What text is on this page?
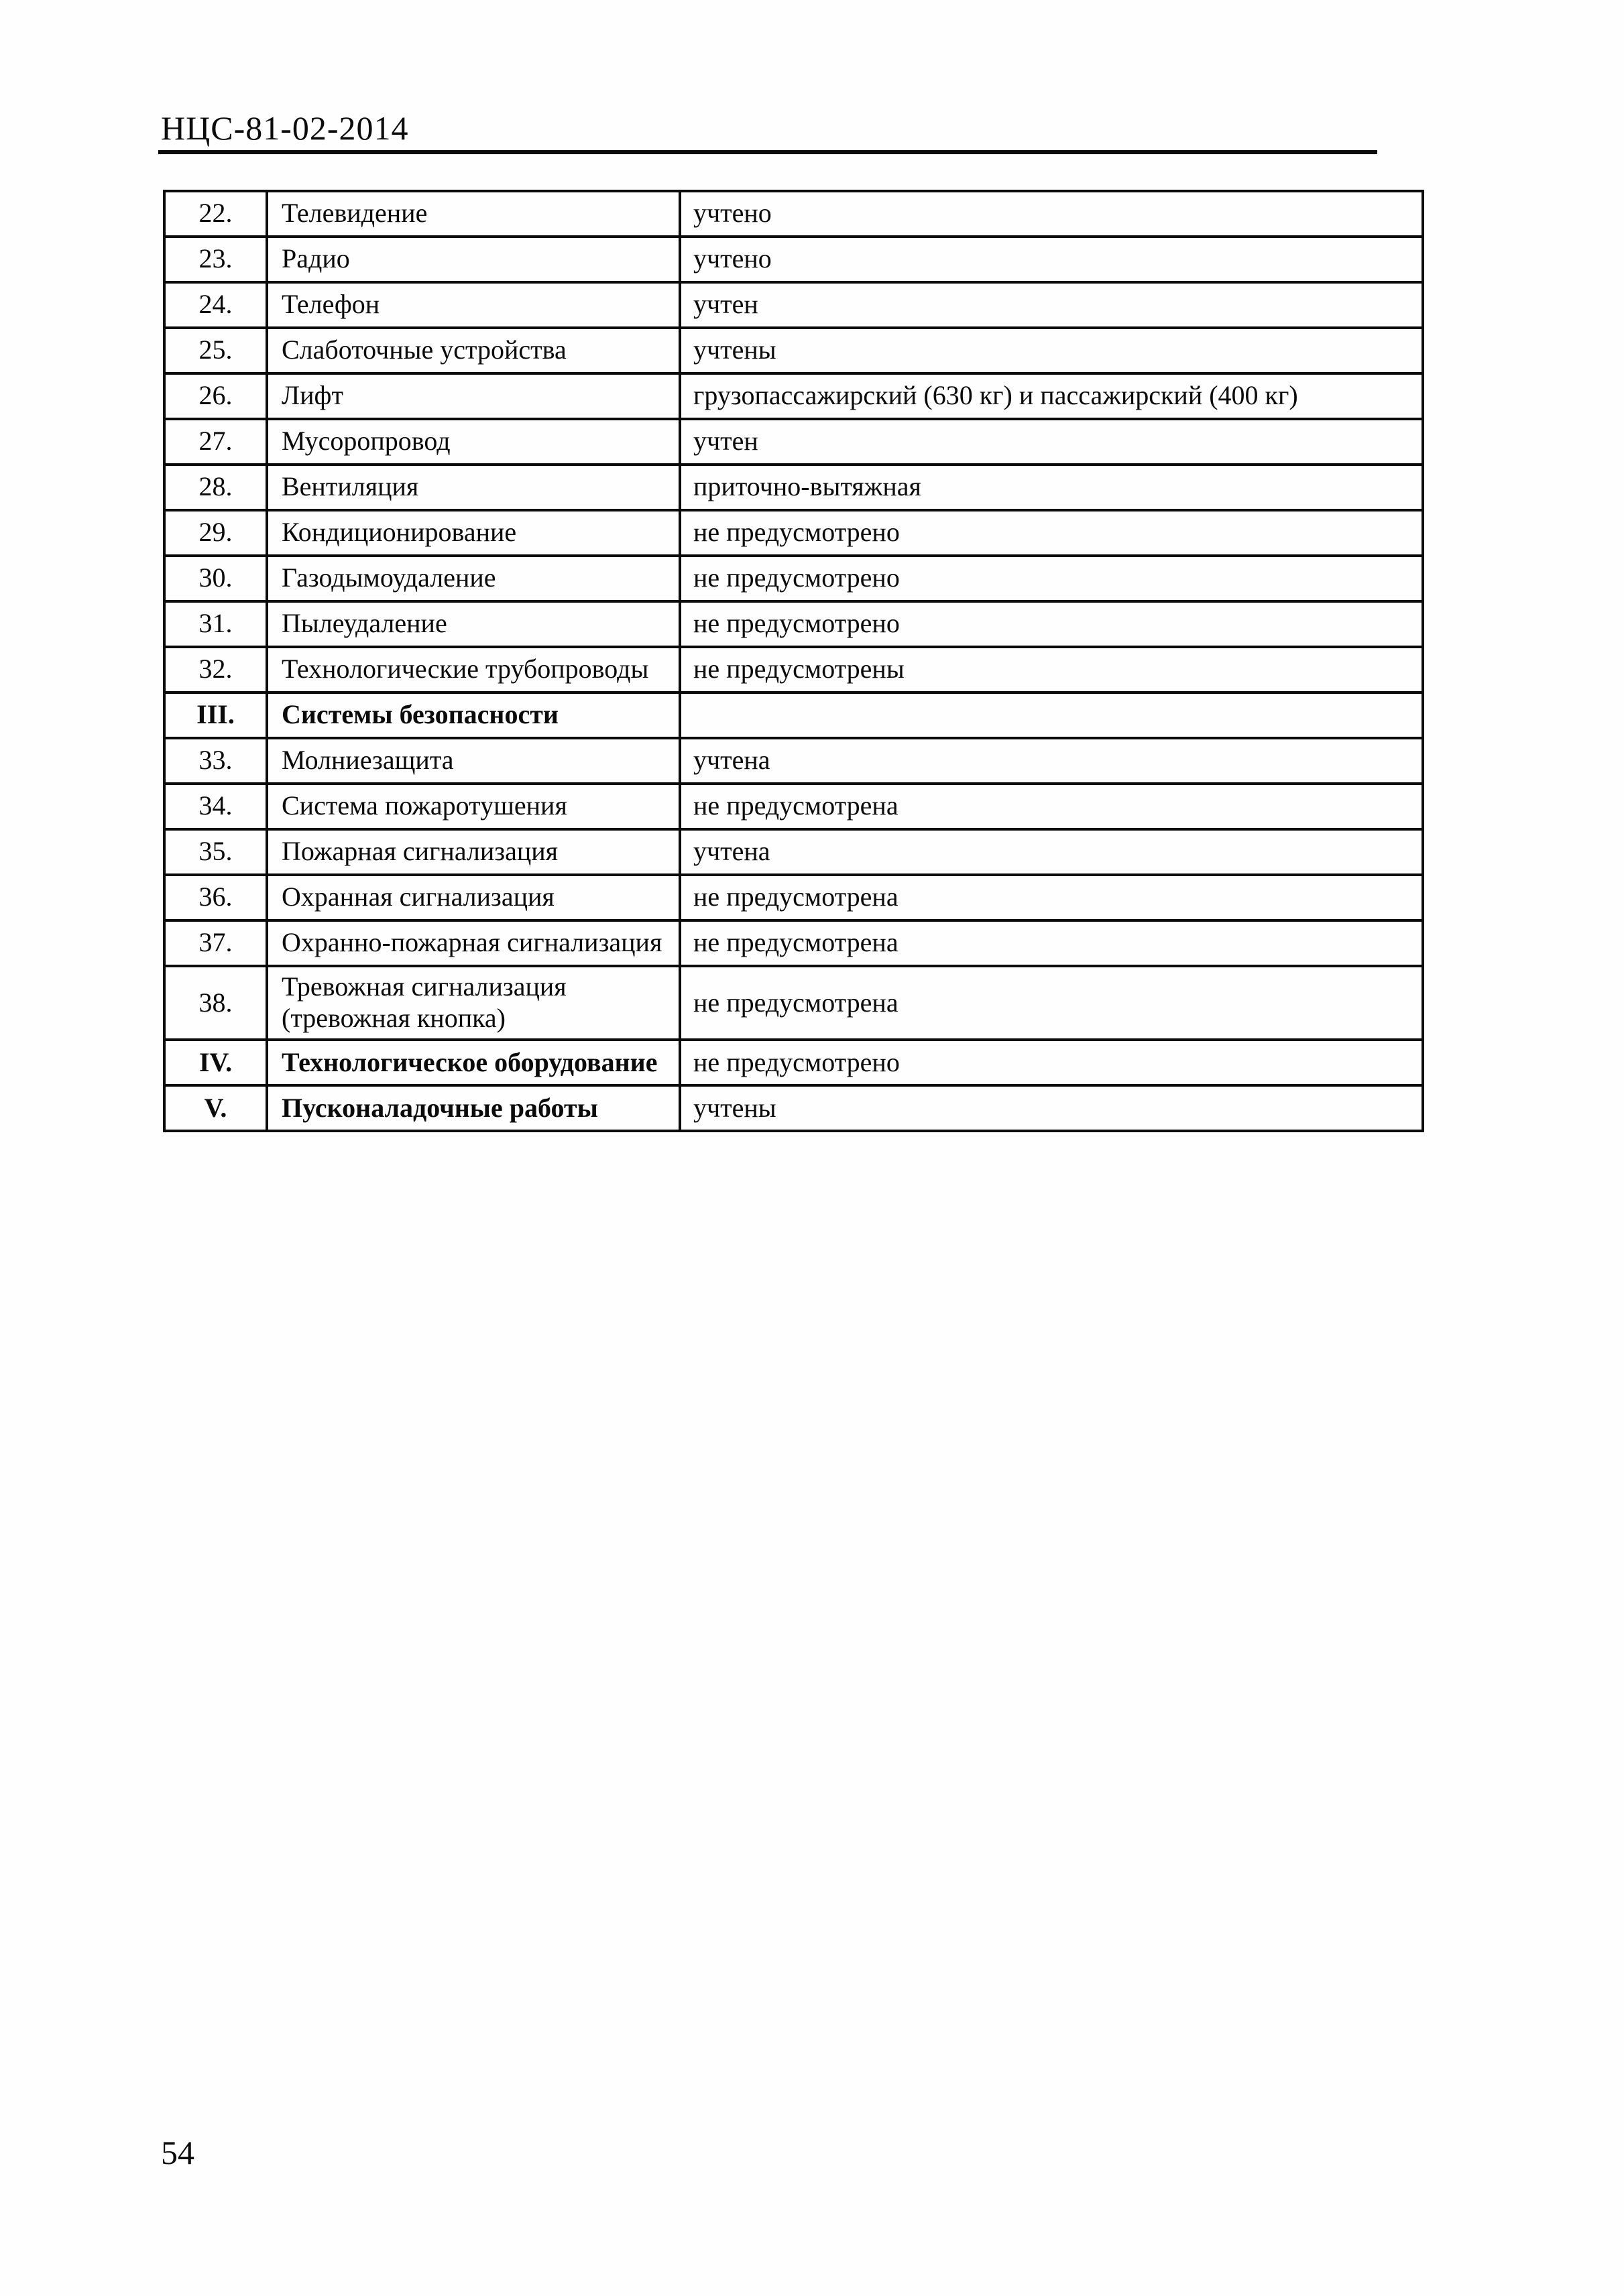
НЦС-81-02-2014
22.	Телевидение	учтено
23.	Радио	учтено
24.	Телефон	учтен
25.	Слаботочные устройства	учтены
26.	Лифт	грузопассажирский (630 кг) и пассажирский (400 кг)
27.	Мусоропровод	учтен
28.	Вентиляция	приточно-вытяжная
29.	Кондиционирование	не предусмотрено
30.	Газодымоудаление	не предусмотрено
31.	Пылеудаление	не предусмотрено
32.	Технологические трубопроводы	не предусмотрены
III.	Системы безопасности	
33.	Молниезащита	учтена
34.	Система пожаротушения	не предусмотрена
35.	Пожарная сигнализация	учтена
36.	Охранная сигнализация	не предусмотрена
37.	Охранно-пожарная сигнализация	не предусмотрена
38.	Тревожная сигнализация (тревожная кнопка)	не предусмотрена
IV.	Технологическое оборудование	не предусмотрено
V.	Пусконаладочные работы	учтены
54
